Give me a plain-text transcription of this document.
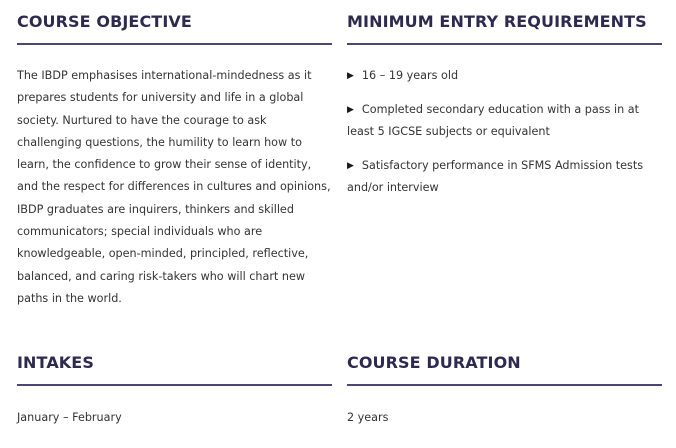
COURSE OBJECTIVE

The IBDP emphasises international-mindedness as it prepares students for university and life in a global society. Nurtured to have the courage to ask challenging questions, the humility to learn how to learn, the confidence to grow their sense of identity, and the respect for differences in cultures and opinions, IBDP graduates are inquirers, thinkers and skilled communicators; special individuals who are knowledgeable, open-minded, principled, reflective, balanced, and caring risk-takers who will chart new paths in the world.

MINIMUM ENTRY REQUIREMENTS
▶ 16 – 19 years old
▶ Completed secondary education with a pass in at least 5 IGCSE subjects or equivalent
▶ Satisfactory performance in SFMS Admission tests and/or interview
INTAKES

January – February

COURSE DURATION

2 years
